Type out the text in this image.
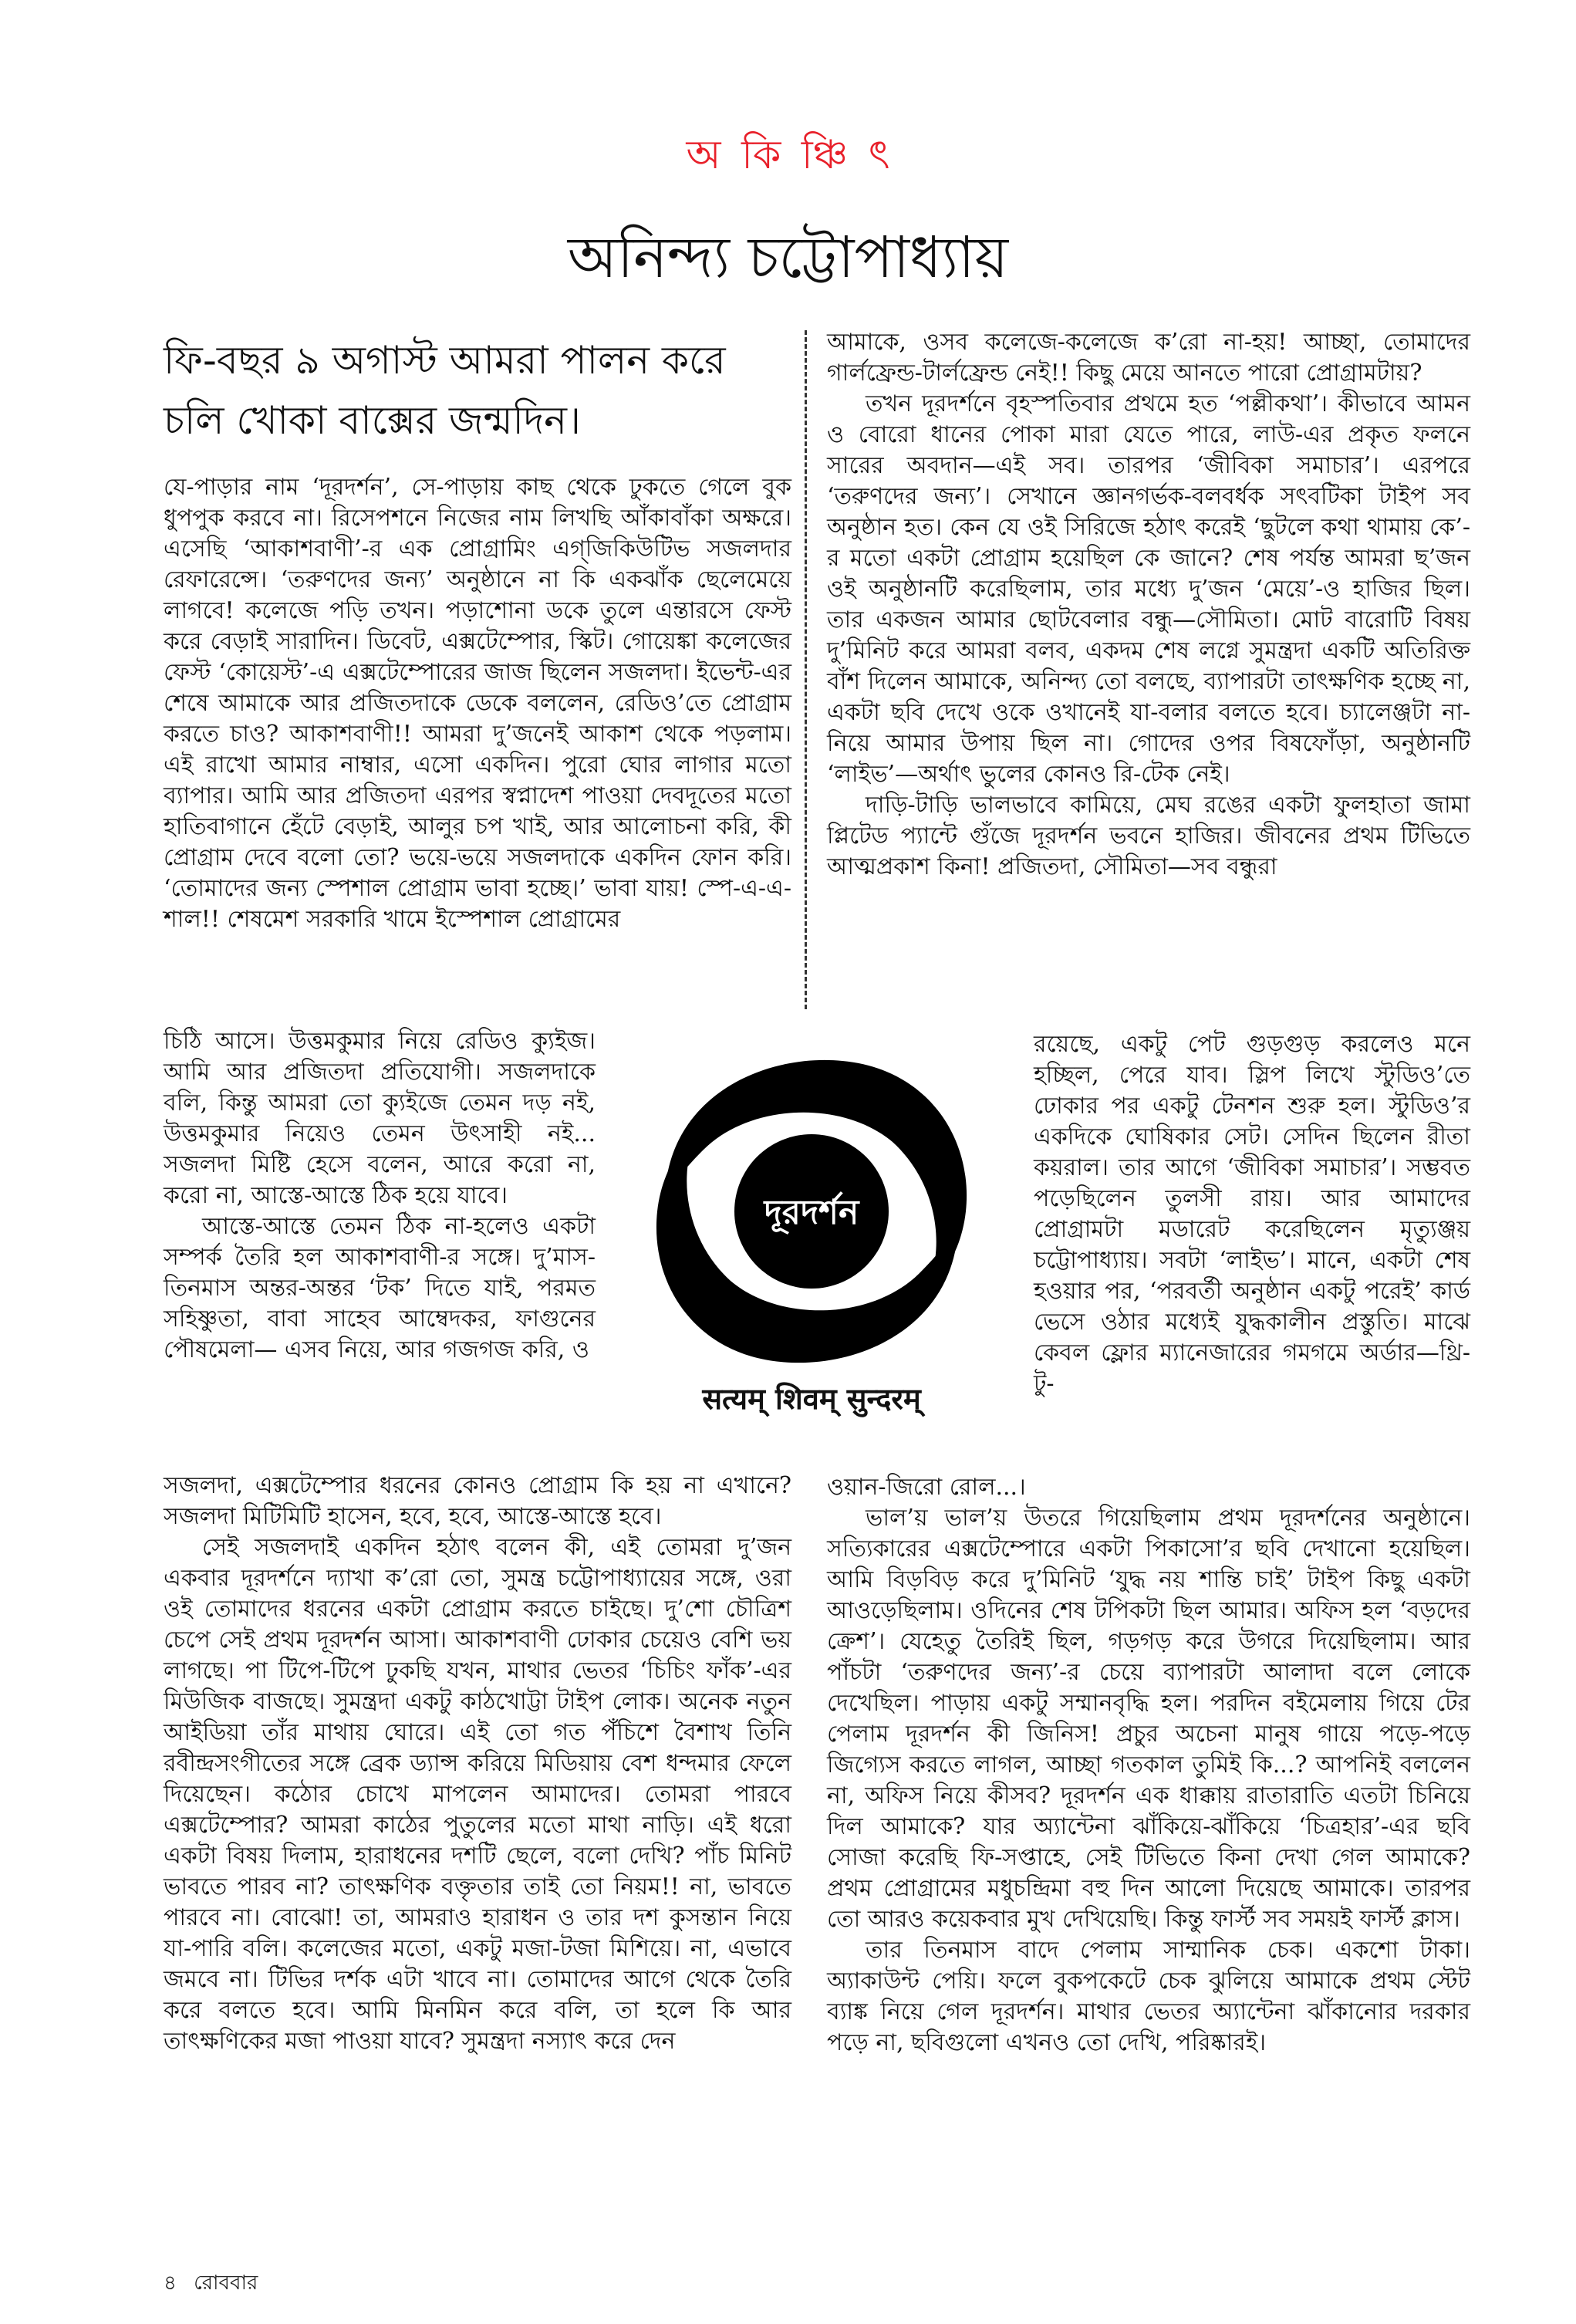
অ কি ঞ্চি ৎ
অনিন্দ্য চট্টোপাধ্যায়
ফি-বছর ৯ অগাস্ট আমরা পালন করে চলি খোকা বাক্সের জন্মদিন।

যে-পাড়ার নাম ‘দূরদর্শন’, সে-পাড়ায় কাছ থেকে ঢুকতে গেলে বুক ধুপপুক করবে না। রিসেপশনে নিজের নাম লিখছি আঁকাবাঁকা অক্ষরে। এসেছি ‘আকাশবাণী’-র এক প্রোগ্রামিং এগ্‌জিকিউটিভ সজলদার রেফারেন্সে। ‘তরুণদের জন্য’ অনুষ্ঠানে না কি একঝাঁক ছেলেমেয়ে লাগবে! কলেজে পড়ি তখন। পড়াশোনা ডকে তুলে এন্তারসে ফেস্ট করে বেড়াই সারাদিন। ডিবেট, এক্সটেম্পোর, স্কিট। গোয়েঙ্কা কলেজের ফেস্ট ‘কোয়েস্ট’-এ এক্সটেম্পোরের জাজ ছিলেন সজলদা। ইভেন্ট-এর শেষে আমাকে আর প্রজিতদাকে ডেকে বললেন, রেডিও’তে প্রোগ্রাম করতে চাও? আকাশবাণী!! আমরা দু’জনেই আকাশ থেকে পড়লাম। এই রাখো আমার নাম্বার, এসো একদিন। পুরো ঘোর লাগার মতো ব্যাপার। আমি আর প্রজিতদা এরপর স্বপ্নাদেশ পাওয়া দেবদূতের মতো হাতিবাগানে হেঁটে বেড়াই, আলুর চপ খাই, আর আলোচনা করি, কী প্রোগ্রাম দেবে বলো তো? ভয়ে-ভয়ে সজলদাকে একদিন ফোন করি। ‘তোমাদের জন্য স্পেশাল প্রোগ্রাম ভাবা হচ্ছে।’ ভাবা যায়! স্পে-এ-এ-শাল!! শেষমেশ সরকারি খামে ইস্পেশাল প্রোগ্রামের

চিঠি আসে। উত্তমকুমার নিয়ে রেডিও ক্যুইজ। আমি আর প্রজিতদা প্রতিযোগী। সজলদাকে বলি, কিন্তু আমরা তো ক্যুইজে তেমন দড় নই, উত্তমকুমার নিয়েও তেমন উৎসাহী নই... সজলদা মিষ্টি হেসে বলেন, আরে করো না, করো না, আস্তে-আস্তে ঠিক হয়ে যাবে।

আস্তে-আস্তে তেমন ঠিক না-হলেও একটা সম্পর্ক তৈরি হল আকাশবাণী-র সঙ্গে। দু’মাস-তিনমাস অন্তর-অন্তর ‘টক’ দিতে যাই, পরমত সহিষ্ণুতা, বাবা সাহেব আম্বেদকর, ফাগুনের পৌষমেলা— এসব নিয়ে, আর গজগজ করি, ও

সজলদা, এক্সটেম্পোর ধরনের কোনও প্রোগ্রাম কি হয় না এখানে? সজলদা মিটিমিটি হাসেন, হবে, হবে, আস্তে-আস্তে হবে।

সেই সজলদাই একদিন হঠাৎ বলেন কী, এই তোমরা দু’জন একবার দূরদর্শনে দ্যাখা ক’রো তো, সুমন্ত্র চট্টোপাধ্যায়ের সঙ্গে, ওরা ওই তোমাদের ধরনের একটা প্রোগ্রাম করতে চাইছে। দু’শো চৌত্রিশ চেপে সেই প্রথম দূরদর্শন আসা। আকাশবাণী ঢোকার চেয়েও বেশি ভয় লাগছে। পা টিপে-টিপে ঢুকছি যখন, মাথার ভেতর ‘চিচিং ফাঁক’-এর মিউজিক বাজছে। সুমন্ত্রদা একটু কাঠখোট্টা টাইপ লোক। অনেক নতুন আইডিয়া তাঁর মাথায় ঘোরে। এই তো গত পঁচিশে বৈশাখ তিনি রবীন্দ্রসংগীতের সঙ্গে ব্রেক ড্যান্স করিয়ে মিডিয়ায় বেশ ধন্দমার ফেলে দিয়েছেন। কঠোর চোখে মাপলেন আমাদের। তোমরা পারবে এক্সটেম্পোর? আমরা কাঠের পুতুলের মতো মাথা নাড়ি। এই ধরো একটা বিষয় দিলাম, হারাধনের দশটি ছেলে, বলো দেখি? পাঁচ মিনিট ভাবতে পারব না? তাৎক্ষণিক বক্তৃতার তাই তো নিয়ম!! না, ভাবতে পারবে না। বোঝো! তা, আমরাও হারাধন ও তার দশ কুসন্তান নিয়ে যা-পারি বলি। কলেজের মতো, একটু মজা-টজা মিশিয়ে। না, এভাবে জমবে না। টিভির দর্শক এটা খাবে না। তোমাদের আগে থেকে তৈরি করে বলতে হবে। আমি মিনমিন করে বলি, তা হলে কি আর তাৎক্ষণিকের মজা পাওয়া যাবে? সুমন্ত্রদা নস্যাৎ করে দেন

আমাকে, ওসব কলেজে-কলেজে ক’রো না-হয়! আচ্ছা, তোমাদের গার্লফ্রেন্ড-টার্লফ্রেন্ড নেই!! কিছু মেয়ে আনতে পারো প্রোগ্রামটায়?

তখন দূরদর্শনে বৃহস্পতিবার প্রথমে হত ‘পল্লীকথা’। কীভাবে আমন ও বোরো ধানের পোকা মারা যেতে পারে, লাউ-এর প্রকৃত ফলনে সারের অবদান—এই সব। তারপর ‘জীবিকা সমাচার’। এরপরে ‘তরুণদের জন্য’। সেখানে জ্ঞানগর্ভক-বলবর্ধক সৎবটিকা টাইপ সব অনুষ্ঠান হত। কেন যে ওই সিরিজে হঠাৎ করেই ‘ছুটলে কথা থামায় কে’-র মতো একটা প্রোগ্রাম হয়েছিল কে জানে? শেষ পর্যন্ত আমরা ছ’জন ওই অনুষ্ঠানটি করেছিলাম, তার মধ্যে দু’জন ‘মেয়ে’-ও হাজির ছিল। তার একজন আমার ছোটবেলার বন্ধু—সৌমিতা। মোট বারোটি বিষয় দু’মিনিট করে আমরা বলব, একদম শেষ লগ্নে সুমন্ত্রদা একটি অতিরিক্ত বাঁশ দিলেন আমাকে, অনিন্দ্য তো বলছে, ব্যাপারটা তাৎক্ষণিক হচ্ছে না, একটা ছবি দেখে ওকে ওখানেই যা-বলার বলতে হবে। চ্যালেঞ্জটা না-নিয়ে আমার উপায় ছিল না। গোদের ওপর বিষফোঁড়া, অনুষ্ঠানটি ‘লাইভ’—অর্থাৎ ভুলের কোনও রি-টেক নেই।

দাড়ি-টাড়ি ভালভাবে কামিয়ে, মেঘ রঙের একটা ফুলহাতা জামা প্লিটেড প্যান্টে গুঁজে দূরদর্শন ভবনে হাজির। জীবনের প্রথম টিভিতে আত্মপ্রকাশ কিনা! প্রজিতদা, সৌমিতা—সব বন্ধুরা

রয়েছে, একটু পেট গুড়গুড় করলেও মনে হচ্ছিল, পেরে যাব। স্লিপ লিখে স্টুডিও’তে ঢোকার পর একটু টেনশন শুরু হল। স্টুডিও’র একদিকে ঘোষিকার সেট। সেদিন ছিলেন রীতা কয়রাল। তার আগে ‘জীবিকা সমাচার’। সম্ভবত পড়েছিলেন তুলসী রায়। আর আমাদের প্রোগ্রামটা মডারেট করেছিলেন মৃত্যুঞ্জয় চট্টোপাধ্যায়। সবটা ‘লাইভ’। মানে, একটা শেষ হওয়ার পর, ‘পরবর্তী অনুষ্ঠান একটু পরেই’ কার্ড ভেসে ওঠার মধ্যেই যুদ্ধকালীন প্রস্তুতি। মাঝে কেবল ফ্লোর ম্যানেজারের গমগমে অর্ডার—থ্রি-টু-

ওয়ান-জিরো রোল...।

ভাল’য় ভাল’য় উতরে গিয়েছিলাম প্রথম দূরদর্শনের অনুষ্ঠানে। সত্যিকারের এক্সটেম্পোরে একটা পিকাসো’র ছবি দেখানো হয়েছিল। আমি বিড়বিড় করে দু’মিনিট ‘যুদ্ধ নয় শান্তি চাই’ টাইপ কিছু একটা আওড়েছিলাম। ওদিনের শেষ টপিকটা ছিল আমার। অফিস হল ‘বড়দের ক্রেশ’। যেহেতু তৈরিই ছিল, গড়গড় করে উগরে দিয়েছিলাম। আর পাঁচটা ‘তরুণদের জন্য’-র চেয়ে ব্যাপারটা আলাদা বলে লোকে দেখেছিল। পাড়ায় একটু সম্মানবৃদ্ধি হল। পরদিন বইমেলায় গিয়ে টের পেলাম দূরদর্শন কী জিনিস! প্রচুর অচেনা মানুষ গায়ে পড়ে-পড়ে জিগ্যেস করতে লাগল, আচ্ছা গতকাল তুমিই কি...? আপনিই বললেন না, অফিস নিয়ে কীসব? দূরদর্শন এক ধাক্কায় রাতারাতি এতটা চিনিয়ে দিল আমাকে? যার অ্যান্টেনা ঝাঁকিয়ে-ঝাঁকিয়ে ‘চিত্রহার’-এর ছবি সোজা করেছি ফি-সপ্তাহে, সেই টিভিতে কিনা দেখা গেল আমাকে? প্রথম প্রোগ্রামের মধুচন্দ্রিমা বহু দিন আলো দিয়েছে আমাকে। তারপর তো আরও কয়েকবার মুখ দেখিয়েছি। কিন্তু ফার্স্ট সব সময়ই ফার্স্ট ক্লাস।

তার তিনমাস বাদে পেলাম সাম্মানিক চেক। একশো টাকা। অ্যাকাউন্ট পেয়ি। ফলে বুকপকেটে চেক ঝুলিয়ে আমাকে প্রথম স্টেট ব্যাঙ্ক নিয়ে গেল দূরদর্শন। মাথার ভেতর অ্যান্টেনা ঝাঁকানোর দরকার পড়ে না, ছবিগুলো এখনও তো দেখি, পরিষ্কারই।

দূরদর্শন
सत्यम् शिवम् सुन्दरम्
৪ রোববার
